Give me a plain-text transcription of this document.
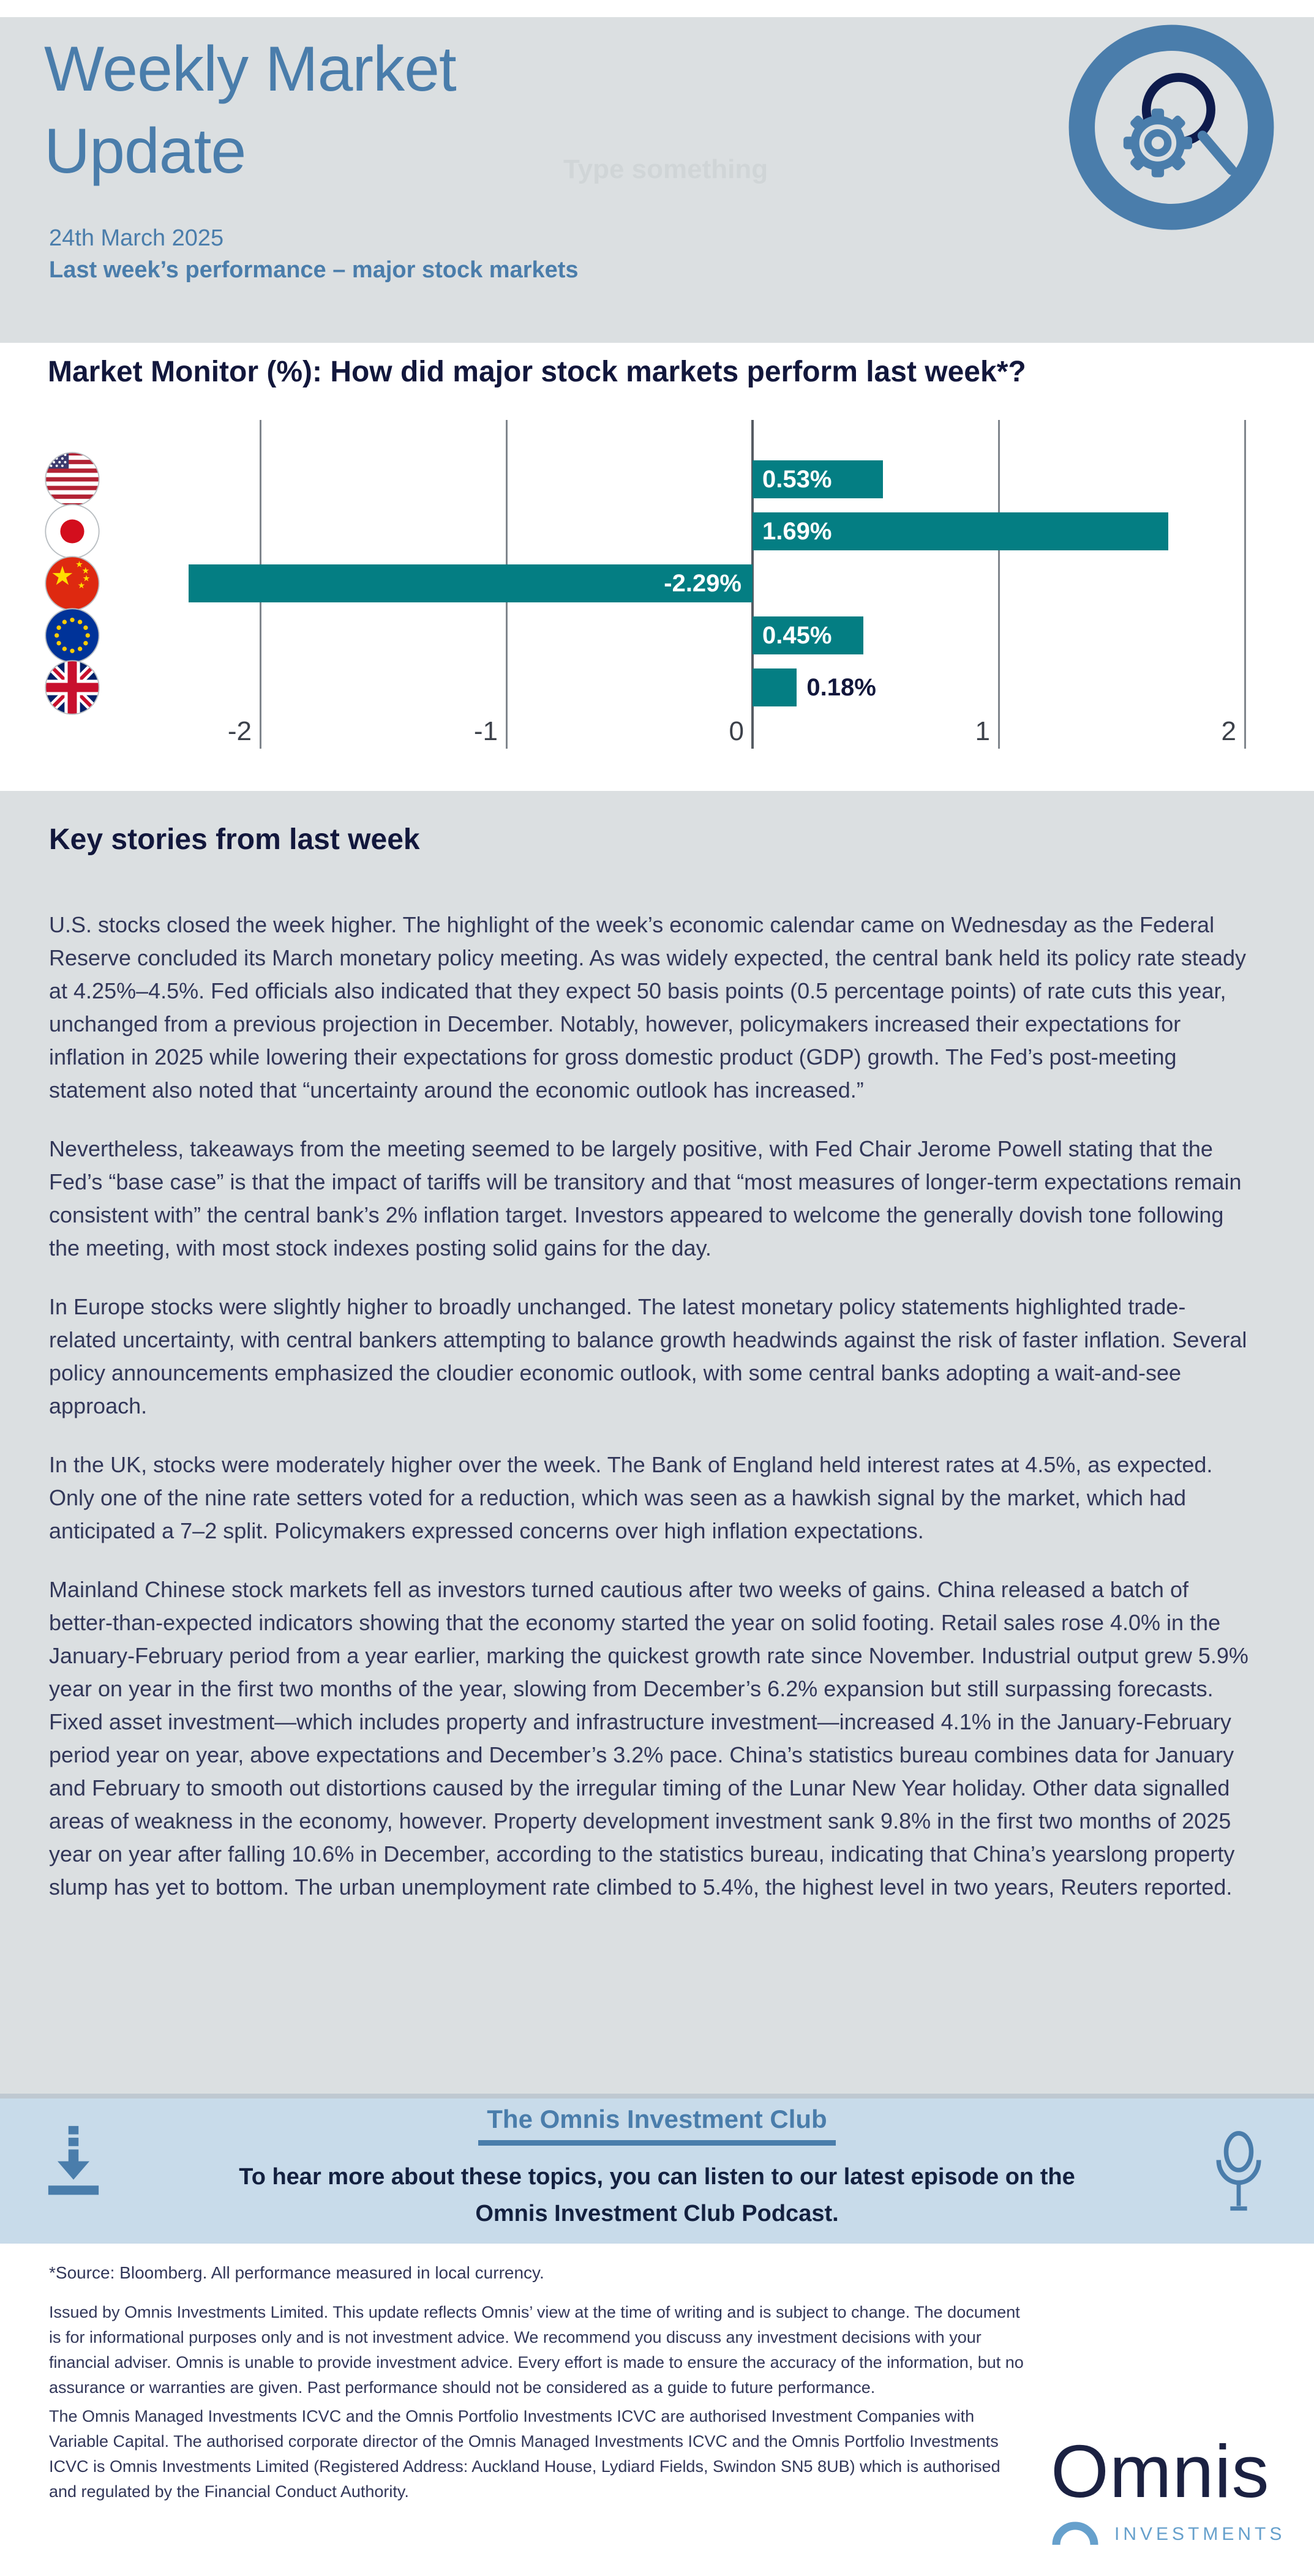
Weekly Market Update	Type something
24th March 2025
Last week’s performance – major stock markets
Market Monitor (%): How did major stock markets perform last week*?
-2	-1	0	1	2
0.53%
1.69%
-2.29%
0.45%
0.18%
Key stories from last week

U.S. stocks closed the week higher. The highlight of the week’s economic calendar came on Wednesday as the Federal Reserve concluded its March monetary policy meeting. As was widely expected, the central bank held its policy rate steady at 4.25%–4.5%. Fed officials also indicated that they expect 50 basis points (0.5 percentage points) of rate cuts this year, unchanged from a previous projection in December. Notably, however, policymakers increased their expectations for inflation in 2025 while lowering their expectations for gross domestic product (GDP) growth. The Fed’s post-meeting statement also noted that “uncertainty around the economic outlook has increased.”

Nevertheless, takeaways from the meeting seemed to be largely positive, with Fed Chair Jerome Powell stating that the Fed’s “base case” is that the impact of tariffs will be transitory and that “most measures of longer-term expectations remain consistent with” the central bank’s 2% inflation target. Investors appeared to welcome the generally dovish tone following the meeting, with most stock indexes posting solid gains for the day.

In Europe stocks were slightly higher to broadly unchanged. The latest monetary policy statements highlighted trade-related uncertainty, with central bankers attempting to balance growth headwinds against the risk of faster inflation. Several policy announcements emphasized the cloudier economic outlook, with some central banks adopting a wait-and-see approach.

In the UK, stocks were moderately higher over the week. The Bank of England held interest rates at 4.5%, as expected. Only one of the nine rate setters voted for a reduction, which was seen as a hawkish signal by the market, which had anticipated a 7–2 split. Policymakers expressed concerns over high inflation expectations.

Mainland Chinese stock markets fell as investors turned cautious after two weeks of gains. China released a batch of better-than-expected indicators showing that the economy started the year on solid footing. Retail sales rose 4.0% in the January-February period from a year earlier, marking the quickest growth rate since November. Industrial output grew 5.9% year on year in the first two months of the year, slowing from December’s 6.2% expansion but still surpassing forecasts. Fixed asset investment—which includes property and infrastructure investment—increased 4.1% in the January-February period year on year, above expectations and December’s 3.2% pace. China’s statistics bureau combines data for January and February to smooth out distortions caused by the irregular timing of the Lunar New Year holiday. Other data signalled areas of weakness in the economy, however. Property development investment sank 9.8% in the first two months of 2025 year on year after falling 10.6% in December, according to the statistics bureau, indicating that China’s yearslong property slump has yet to bottom. The urban unemployment rate climbed to 5.4%, the highest level in two years, Reuters reported.

The Omnis Investment Club
To hear more about these topics, you can listen to our latest episode on the
Omnis Investment Club Podcast.
*Source: Bloomberg. All performance measured in local currency.
Issued by Omnis Investments Limited. This update reflects Omnis’ view at the time of writing and is subject to change. The document is for informational purposes only and is not investment advice. We recommend you discuss any investment decisions with your financial adviser. Omnis is unable to provide investment advice. Every effort is made to ensure the accuracy of the information, but no assurance or warranties are given. Past performance should not be considered as a guide to future performance.
The Omnis Managed Investments ICVC and the Omnis Portfolio Investments ICVC are authorised Investment Companies with Variable Capital. The authorised corporate director of the Omnis Managed Investments ICVC and the Omnis Portfolio Investments ICVC is Omnis Investments Limited (Registered Address: Auckland House, Lydiard Fields, Swindon SN5 8UB) which is authorised and regulated by the Financial Conduct Authority.	Omnis
INVESTMENTS
